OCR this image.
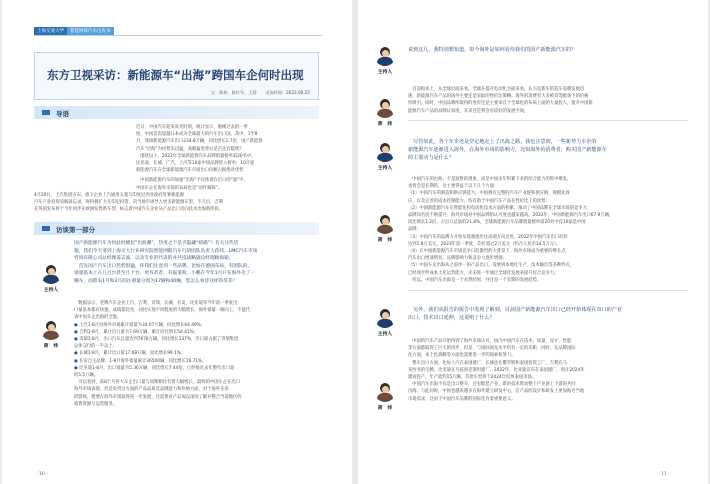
上海交通大学	智能网联汽车白皮书
东方卫视采访：新能源车“出海”跨国车企何时出现
文：蒋炜、陈红军、王莉　　采访时间：2023.08.22
导语
近日，中国汽车迎来高光时刻，统计显示，刚刚过去的一季
度，中国首次超越日本成为全球最大的汽车出口国，其中，1至8
月，我国新能源汽车出口234.8万辆，同比增长1.7倍，国产新能源
汽车“出海”为何势头迅猛，高歌猛进背后是否还有隐忧？
　围绕以上，2022年全球新能源汽车品牌销量榜单前20名中，
比亚迪、长城、广汽、上汽等10家中国品牌进入榜单，10月家
新能源汽车在全球新能源汽车市场出口份额占据绝对优势
　中国新能源汽车的加速“出海”不仅体现在出口的“量”中，
中国车企在海外市场的布局也是“动作频频”。
4月20日，上汽集团宣布，旗下企业上汽通用五菱与印度尼西亚政府签署新能源
汽车产业投资谅解备忘录，将积极扩大在印尼投资，向当地市场导入更多新能源车型。不久后，吉利
在英国发布将于今年同步在欧洲发售新车型，标志着中国汽车企业从产品出口迈向技术出海新阶段。
访谈第一部分
主持人
国产新能源汽车为何此时掀起“出海潮”，热度之下是否隐藏“暗礁”？有关这些话
题，我们今天请到上海交大行业研究院智能网联汽车行研团队负责人蒋炜。LMC汽车市场
咨询有限公司总经理姜志波，以及专业的代表的并共技战略副总经理顾海迪。
　首先国产汽车出口热势很猛，你我们注意到一些品牌，比如在德国布局，有团队的，
销量基本上在几百台甚至几十台。更有甚者，有报道称，小鹏在今年1月只在海外卖了一
辆车，而蔚来1月和2月的注册量分别为17辆和40辆，您怎么看待这样的反差？
蒋　炜
　数据显示，老牌汽车企业上汽、吉利、奇瑞、长城、长安，比亚迪等今年前一季度出
口量基本都有快速，成绩都比亮，同比实现不同程度的大幅增长，海外销量一路向上，不能代
表中国车企出海的全貌。
● 上汽1-8月份海外市场累计销量为34.07万辆，同比增长64.49%；
● 吉利1-8月，累计出口量为7.69万辆，累计同比增长54.41%；
● 奇瑞1-8月，出口汽车总量达到7678万辆，同比增长137%，出口量占据了奇瑞集团
总体交付的一半以上；
● 长城1-8月，累计出口量17.68万辆，同比增长99.1%；
● 长安自主品牌，1-8月海外销量累计36500辆，同比增长16.71%；
● 比亚迪1-8月，出口销量为5.36万辆，同比增长7.44倍，已经接近去年整年出口量
的5.5万辆。
　可以看到，前8个月各大车企出口量与同期相比有着大幅增长，最终的中国车企在出口
海外市场表现，但是说到这方面的产品品质及品牌能力和价格方面，对于海外企业
的影响，想要在海外市场取得进一步发展，还需要对产品加以深度了解并整合当前地区的
销售资源与运营服务。
- 10 -
主持人
说到这儿，我特别想知道，如今海外是如何看待我们的国产新能源汽车的？
蒋　炜
　目前根本上，从全球层面来看，全球在提升电动化方面来看，认为是新车的造车品牌发展迅
速，新能源汽车产品的国外主要还是采取的性价比策略。海外的消费者大多被其等配备下的价格
所吸引，同时，中国品牌所取得的进步还是主要来自于全球化的布局上面的大量投入，提升中国新
能源汽车产品的品牌认知度，未来还是将会有较好的发展空间。
主持人
　尽管如此，各个车企还是坚定地走上了出海之路。我也注意到，一些新势力车企的
新能源汽车逐渐进入海外，在海外市场的影响力，比如海外的消费者，购买国产新能源车
的主要动力是什么？
蒋　炜
　中国汽车的出海，不是短暂的现象，而是中国多年积累下来的综合能力的集中爆发，
也将会是长期的，这主要得益于以下几个方面：
（1）中国汽车的制造和供应链能力，中国拥有完整的汽车产业链和供应链，规模化效
应，以及完善的成本控制能力，均有助于中国汽车产品在性价比上的优势；
（2）中国新能源汽车在智能化和电动化技术方面的积累，推动了中国品牌在全球市场的竞争力，
品牌知名度不断提升，海外市场对中国品牌的认可度也越来越高。2022年，中国新能源汽车出口67.9万辆，
同比增长1.2倍，占出口总量的21.8%，全球新能源汽车品牌销量榜单前20名中有10家是中国
品牌；
（3）中国汽车的品牌力开始从低端逐步往高端方向迈进，2022年中国汽车出口均价
达到1.8万美元，2023年第一季度，均价超过2万美元（约合人民币14.5万元）。
（4）在中国新能源汽车市场竞争日趋激烈的大背景下，海外市场成为重要的增长点，
汽车出口增速明显，品牌影响力和竞争力逐步增强；
（5）中国车企出海从之前单一的产品出口，发展到本地化生产、技术输出等多种形式，
已经逐步形成本土化运营能力，未来进一步通过全球化发展来提升综合竞争力。
　所以，中国汽车出海是一个必然结果，并且是一个长期的发展趋势。
主持人
　另外，我们从报告的报告中发现了解到，目前国产新能源汽车出口已经开始体现在出口的产业
出口，技术出口延伸，这说明了什么？
蒋　炜
　中国的汽车产品开始得到了海外市场认可，国内中国汽车在技术、质量、设计、性能
等方面都取得了巨大的进步，但是，与国际领先水平仍有一定的差距，同时，在品牌国际
化方面，本土化战略等方面也需要进一步的探索和努力。
　整车出口方面，比如上汽在泰国建厂，长城也在俄罗斯和泰国投资工厂，吉利在马
来西亚的宝腾，比亚迪在乌兹别克斯坦建厂，2022年，比亚迪宣布在泰国建厂，预计2024年
建成投产，年产能约15万辆，首批车型将于2024年投放泰国市场。
　中国汽车出海不仅是出口整车，还有配套产业，新的技术带动整个产业链上下游的共同
出海。与此同时，中国也越来越多在海外建立研发中心，在产品的设计和研发上更加贴近当地
市场需求，这对于中国汽车品牌的国际化有着重要意义。
- 11 -
